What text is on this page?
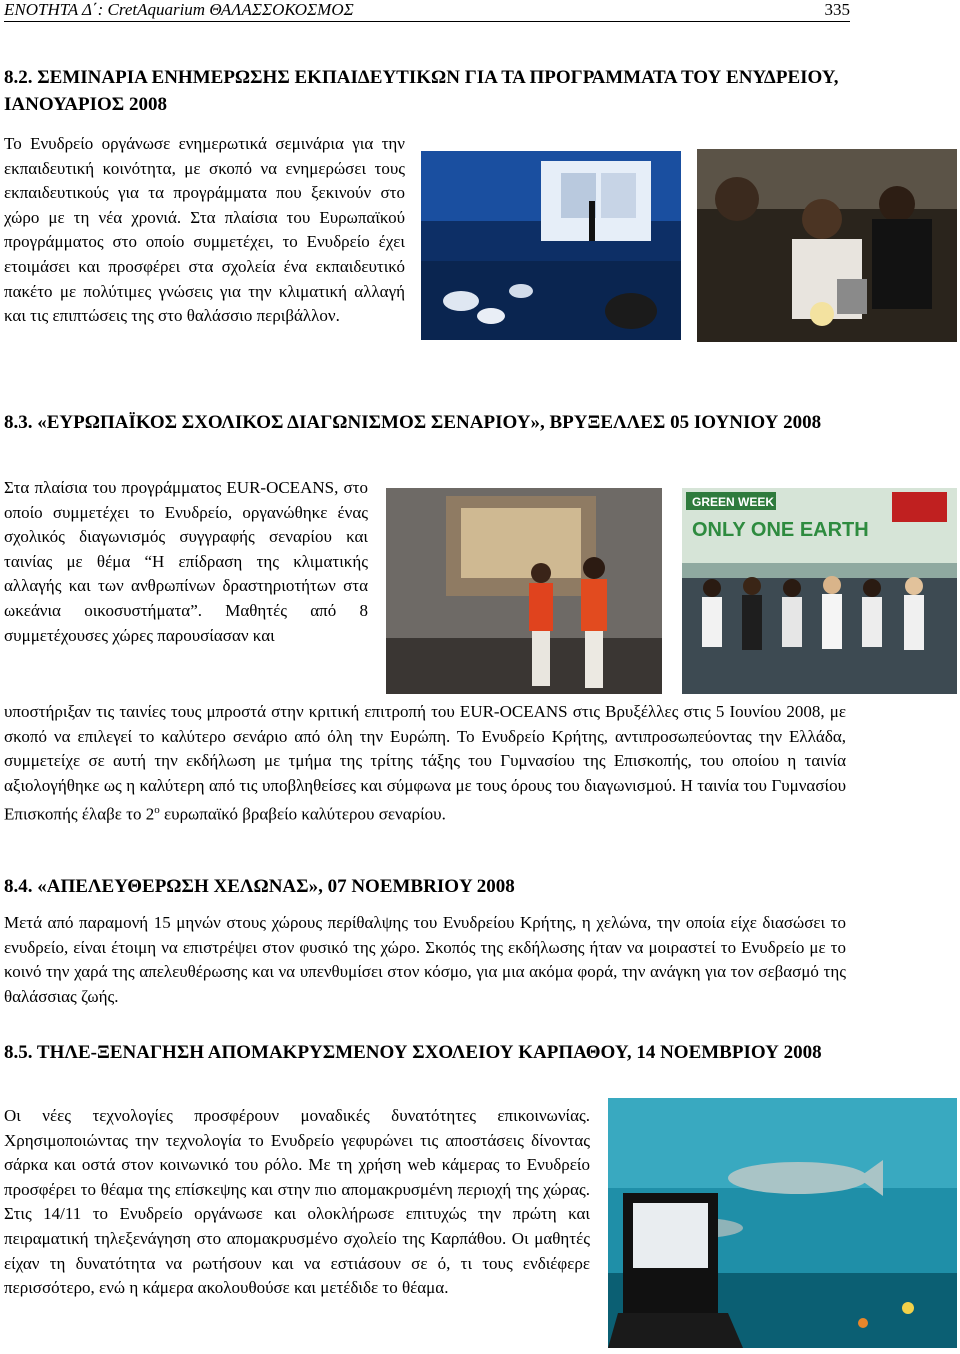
ΕΝΟΤΗΤΑ Δ΄: CretAquarium ΘΑΛΑΣΣΟΚΟΣΜΟΣ	335
8.2. ΣΕΜΙΝΑΡΙΑ ΕΝΗΜΕΡΩΣΗΣ ΕΚΠΑΙΔΕΥΤΙΚΩΝ ΓΙΑ ΤΑ ΠΡΟΓΡΑΜΜΑΤΑ ΤΟΥ ΕΝΥΔΡΕΙΟΥ, ΙΑΝΟΥΑΡΙΟΣ 2008
Το Ενυδρείο οργάνωσε ενημερωτικά σεμινάρια για την εκπαιδευτική κοινότητα, με σκοπό να ενημερώσει τους εκπαιδευτικούς για τα προγράμματα που ξεκινούν στο χώρο με τη νέα χρονιά. Στα πλαίσια του Ευρωπαϊκού προγράμματος στο οποίο συμμετέχει, το Ενυδρείο έχει ετοιμάσει και προσφέρει στα σχολεία ένα εκπαιδευτικό πακέτο με πολύτιμες γνώσεις για την κλιματική αλλαγή και τις επιπτώσεις της στο θαλάσσιο περιβάλλον.
8.3. «ΕΥΡΩΠΑΪΚΟΣ ΣΧΟΛΙΚΟΣ ΔΙΑΓΩΝΙΣΜΟΣ ΣΕΝΑΡΙΟΥ», ΒΡΥΞΕΛΛΕΣ 05 ΙΟΥΝΙΟΥ 2008
Στα πλαίσια του προγράμματος EUR-OCEANS, στο οποίο συμμετέχει το Ενυδρείο, οργανώθηκε ένας σχολικός διαγωνισμός συγγραφής σεναρίου και ταινίας με θέμα “Η επίδραση της κλιματικής αλλαγής και των ανθρωπίνων δραστηριοτήτων στα ωκεάνια οικοσυστήματα”. Μαθητές από 8 συμμετέχουσες χώρες παρουσίασαν και
υποστήριξαν τις ταινίες τους μπροστά στην κριτική επιτροπή του EUR-OCEANS στις Βρυξέλλες στις 5 Ιουνίου 2008, με σκοπό να επιλεγεί το καλύτερο σενάριο από όλη την Ευρώπη. Το Ενυδρείο Κρήτης, αντιπροσωπεύοντας την Ελλάδα, συμμετείχε σε αυτή την εκδήλωση με τμήμα της τρίτης τάξης του Γυμνασίου της Επισκοπής, του οποίου η ταινία αξιολογήθηκε ως η καλύτερη από τις υποβληθείσες και σύμφωνα με τους όρους του διαγωνισμού. Η ταινία του Γυμνασίου Επισκοπής έλαβε το $2^o$ ευρωπαϊκό βραβείο καλύτερου σεναρίου.
GREEN WEEK
ONLY ONE EARTH
8.4. «ΑΠΕΛΕΥΘΕΡΩΣΗ ΧΕΛΩΝΑΣ», 07 ΝΟΕΜBRIOY 2008
Μετά από παραμονή 15 μηνών στους χώρους περίθαλψης του Ενυδρείου Κρήτης, η χελώνα, την οποία είχε διασώσει το ενυδρείο, είναι έτοιμη να επιστρέψει στον φυσικό της χώρο. Σκοπός της εκδήλωσης ήταν να μοιραστεί το Ενυδρείο με το κοινό την χαρά της απελευθέρωσης και να υπενθυμίσει στον κόσμο, για μια ακόμα φορά, την ανάγκη για τον σεβασμό της θαλάσσιας ζωής.
8.5. ΤΗΛΕ-ΞΕΝΑΓΗΣΗ ΑΠΟΜΑΚΡΥΣΜΕΝΟΥ ΣΧΟΛΕΙΟΥ ΚΑΡΠΑΘΟΥ, 14 ΝΟΕΜΒΡΙΟΥ 2008
Οι νέες τεχνολογίες προσφέρουν μοναδικές δυνατότητες επικοινωνίας. Χρησιμοποιώντας την τεχνολογία το Ενυδρείο γεφυρώνει τις αποστάσεις δίνοντας σάρκα και οστά στον κοινωνικό του ρόλο. Με τη χρήση web κάμερας το Ενυδρείο προσφέρει το θέαμα της επίσκεψης και στην πιο απομακρυσμένη περιοχή της χώρας. Στις 14/11 το Ενυδρείο οργάνωσε και ολοκλήρωσε επιτυχώς την πρώτη και πειραματική τηλεξενάγηση στο απομακρυσμένο σχολείο της Καρπάθου. Οι μαθητές είχαν τη δυνατότητα να ρωτήσουν και να εστιάσουν σε ό, τι τους ενδιέφερε περισσότερο, ενώ η κάμερα ακολουθούσε και μετέδιδε το θέαμα.
